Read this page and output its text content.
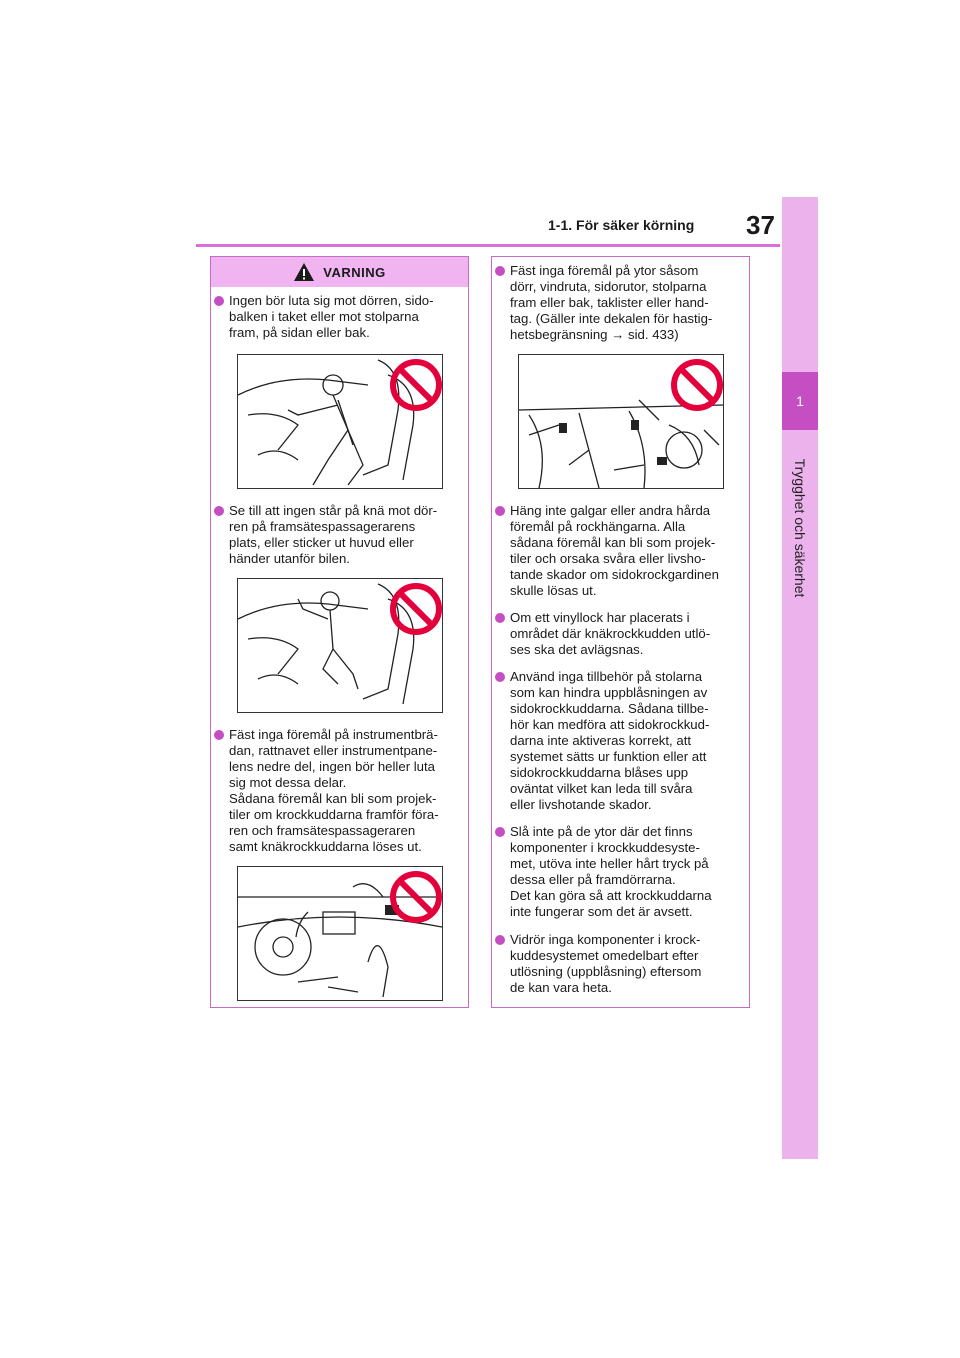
1-1. För säker körning 37
1
Trygghet och säkerhet
VARNING
Ingen bör luta sig mot dörren, sido-
balken i taket eller mot stolparna
fram, på sidan eller bak.
Se till att ingen står på knä mot dör-
ren på framsätespassagerarens
plats, eller sticker ut huvud eller
händer utanför bilen.
Fäst inga föremål på instrumentbrä-
dan, rattnavet eller instrumentpane-
lens nedre del, ingen bör heller luta
sig mot dessa delar.
Sådana föremål kan bli som projek-
tiler om krockkuddarna framför föra-
ren och framsätespassageraren
samt knäkrockkuddarna löses ut.
Fäst inga föremål på ytor såsom
dörr, vindruta, sidorutor, stolparna
fram eller bak, taklister eller hand-
tag. (Gäller inte dekalen för hastig-
hetsbegränsning → sid. 433)
Häng inte galgar eller andra hårda
föremål på rockhängarna. Alla
sådana föremål kan bli som projek-
tiler och orsaka svåra eller livsho-
tande skador om sidokrockgardinen
skulle lösas ut.
Om ett vinyllock har placerats i
området där knäkrockkudden utlö-
ses ska det avlägsnas.
Använd inga tillbehör på stolarna
som kan hindra uppblåsningen av
sidokrockkuddarna. Sådana tillbe-
hör kan medföra att sidokrockkud-
darna inte aktiveras korrekt, att
systemet sätts ur funktion eller att
sidokrockkuddarna blåses upp
oväntat vilket kan leda till svåra
eller livshotande skador.
Slå inte på de ytor där det finns
komponenter i krockkuddesyste-
met, utöva inte heller hårt tryck på
dessa eller på framdörrarna.
Det kan göra så att krockkuddarna
inte fungerar som det är avsett.
Vidrör inga komponenter i krock-
kuddesystemet omedelbart efter
utlösning (uppblåsning) eftersom
de kan vara heta.
